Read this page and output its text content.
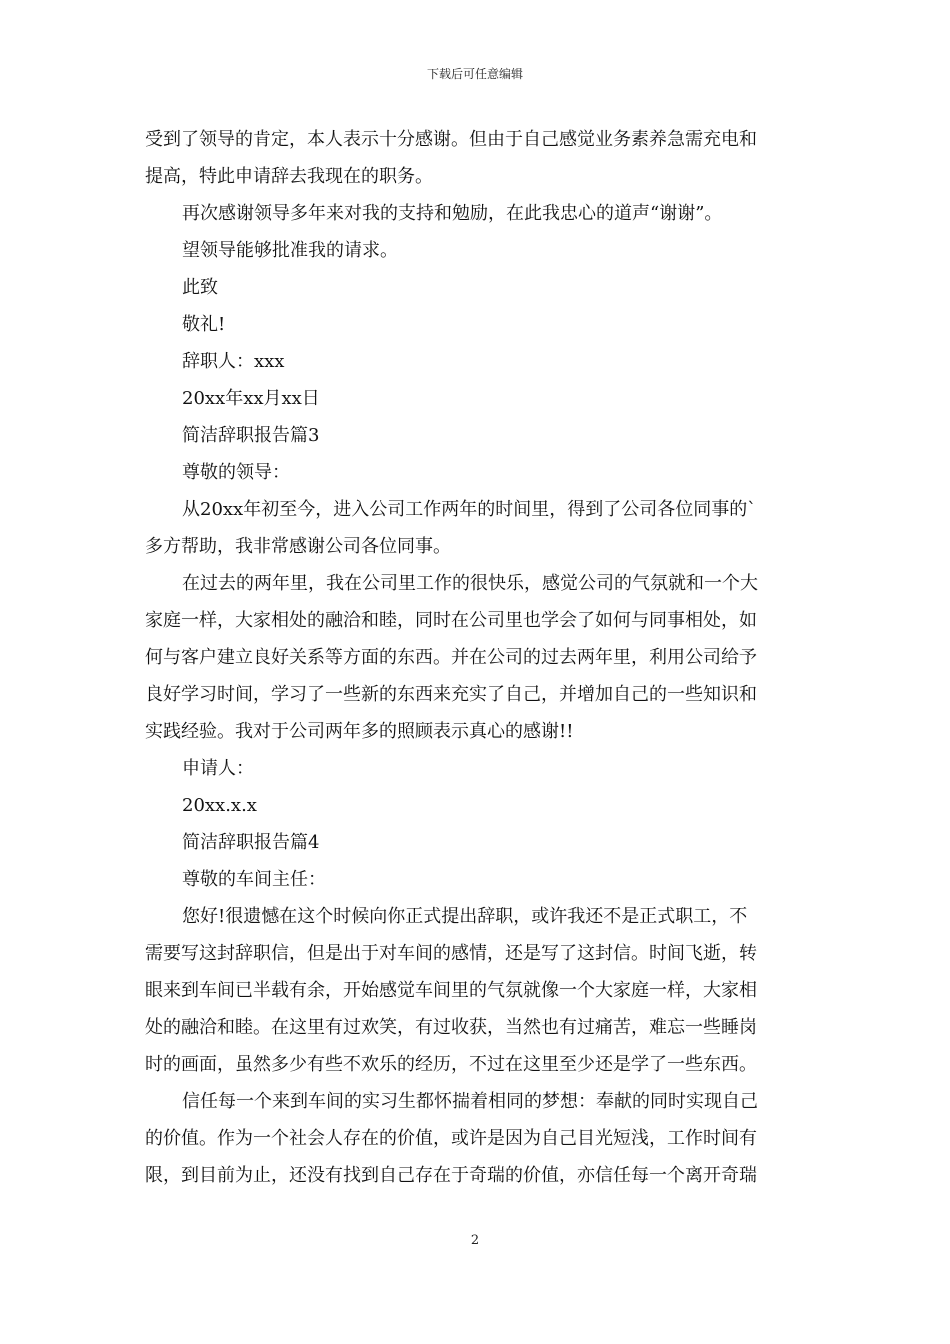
下载后可任意编辑

受到了领导的肯定，本人表示十分感谢。但由于自己感觉业务素养急需充电和

提高，特此申请辞去我现在的职务。

再次感谢领导多年来对我的支持和勉励，在此我忠心的道声“谢谢”。

望领导能够批准我的请求。

此致

敬礼!

辞职人：xxx

20xx年xx月xx日

简洁辞职报告篇3

尊敬的领导：

从20xx年初至今，进入公司工作两年的时间里，得到了公司各位同事的`

多方帮助，我非常感谢公司各位同事。

在过去的两年里，我在公司里工作的很快乐，感觉公司的气氛就和一个大

家庭一样，大家相处的融洽和睦，同时在公司里也学会了如何与同事相处，如

何与客户建立良好关系等方面的东西。并在公司的过去两年里，利用公司给予

良好学习时间，学习了一些新的东西来充实了自己，并增加自己的一些知识和

实践经验。我对于公司两年多的照顾表示真心的感谢!!

申请人：

20xx.x.x

简洁辞职报告篇4

尊敬的车间主任：

您好!很遗憾在这个时候向你正式提出辞职，或许我还不是正式职工，不

需要写这封辞职信，但是出于对车间的感情，还是写了这封信。时间飞逝，转

眼来到车间已半载有余，开始感觉车间里的气氛就像一个大家庭一样，大家相

处的融洽和睦。在这里有过欢笑，有过收获，当然也有过痛苦，难忘一些睡岗

时的画面，虽然多少有些不欢乐的经历，不过在这里至少还是学了一些东西。

信任每一个来到车间的实习生都怀揣着相同的梦想：奉献的同时实现自己

的价值。作为一个社会人存在的价值，或许是因为自己目光短浅，工作时间有

限，到目前为止，还没有找到自己存在于奇瑞的价值，亦信任每一个离开奇瑞

2
